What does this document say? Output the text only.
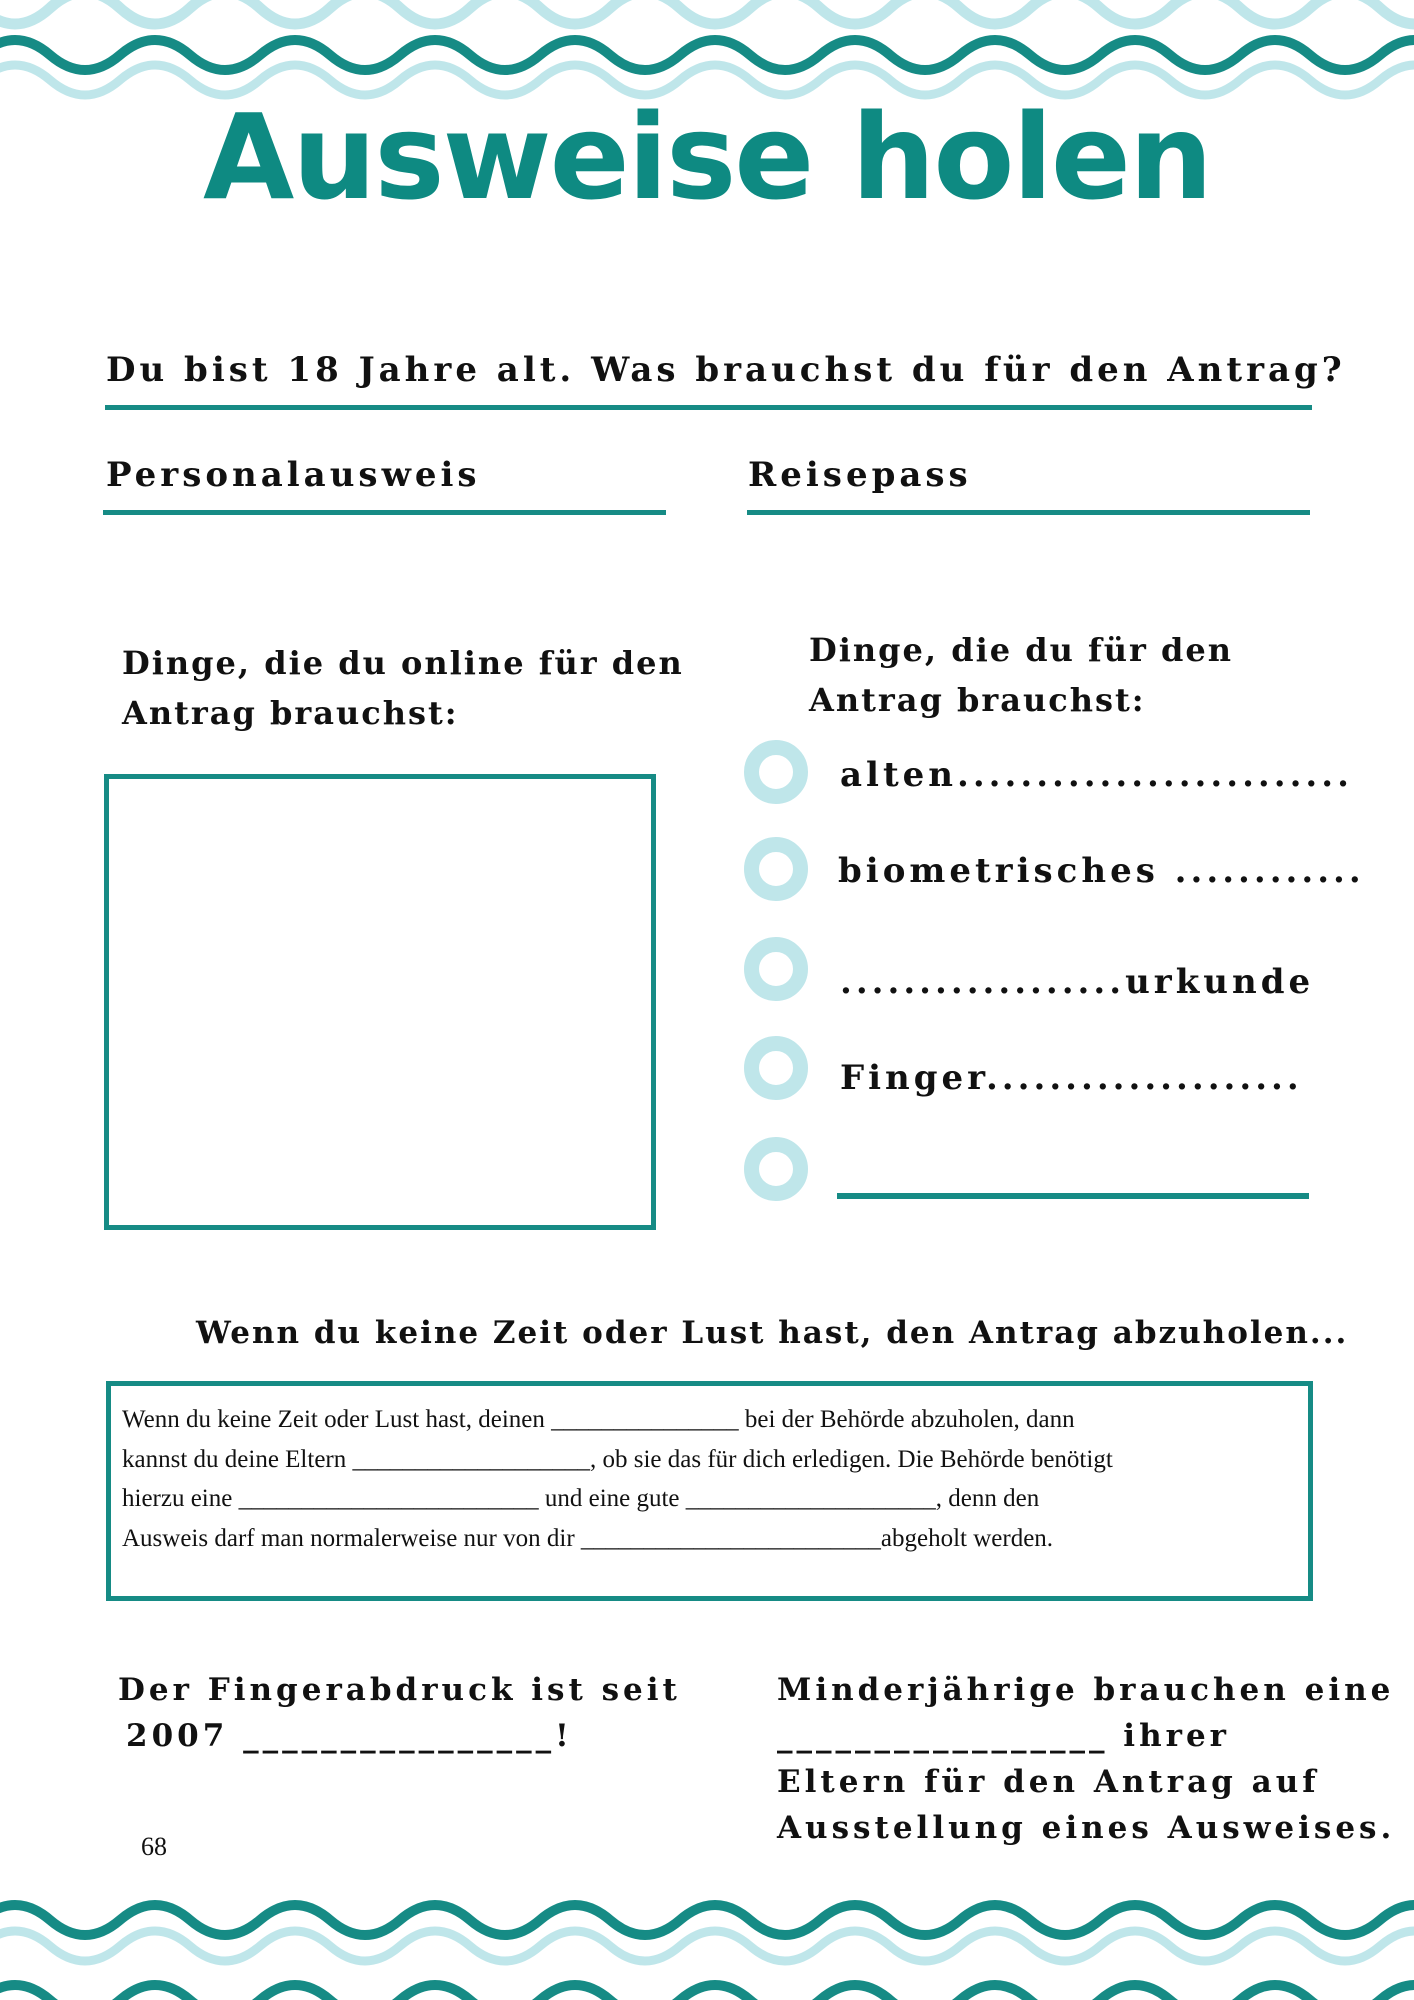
Ausweise holen
Du bist 18 Jahre alt. Was brauchst du für den Antrag?
Personalausweis	Reisepass
Dinge, die du online für den
Antrag brauchst:
Dinge, die du für den
Antrag brauchst:
alten.........................
biometrisches ............
..................urkunde
Finger....................
Wenn du keine Zeit oder Lust hast, den Antrag abzuholen...

Wenn du keine Zeit oder Lust hast, deinen _______________ bei der Behörde abzuholen, dann

kannst du deine Eltern ___________________, ob sie das für dich erledigen. Die Behörde benötigt

hierzu eine ________________________ und eine gute ____________________, denn den

Ausweis darf man normalerweise nur von dir ________________________abgeholt werden.

Der Fingerabdruck ist seit
2007 ________________!
Minderjährige brauchen eine
_________________ ihrer
Eltern für den Antrag auf
Ausstellung eines Ausweises.
68
